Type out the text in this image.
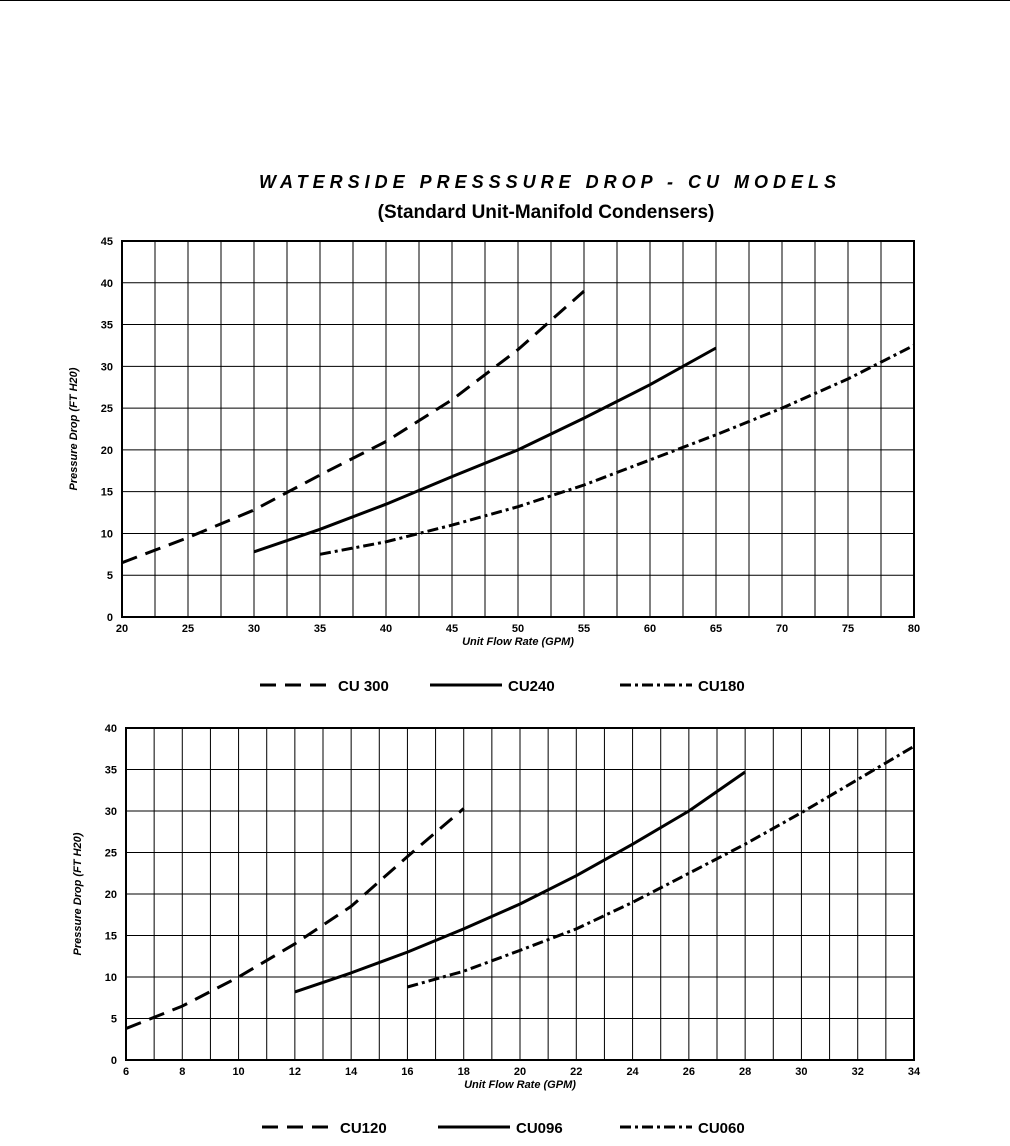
WATERSIDE PRESSSURE DROP - CU MODELS
(Standard Unit-Manifold Condensers)
20	25	30	35	40	45	50	55	60	65	70	75	80
0
5
10
15
20
25
30
35
40
45
Unit Flow Rate (GPM)
Pressure Drop (FT H20)
CU 300	CU240	CU180
6	8	10	12	14	16	18	20	22	24	26	28	30	32	34
0
5
10
15
20
25
30
35
40
Unit Flow Rate (GPM)
Pressure Drop (FT H20)
CU120	CU096	CU060
